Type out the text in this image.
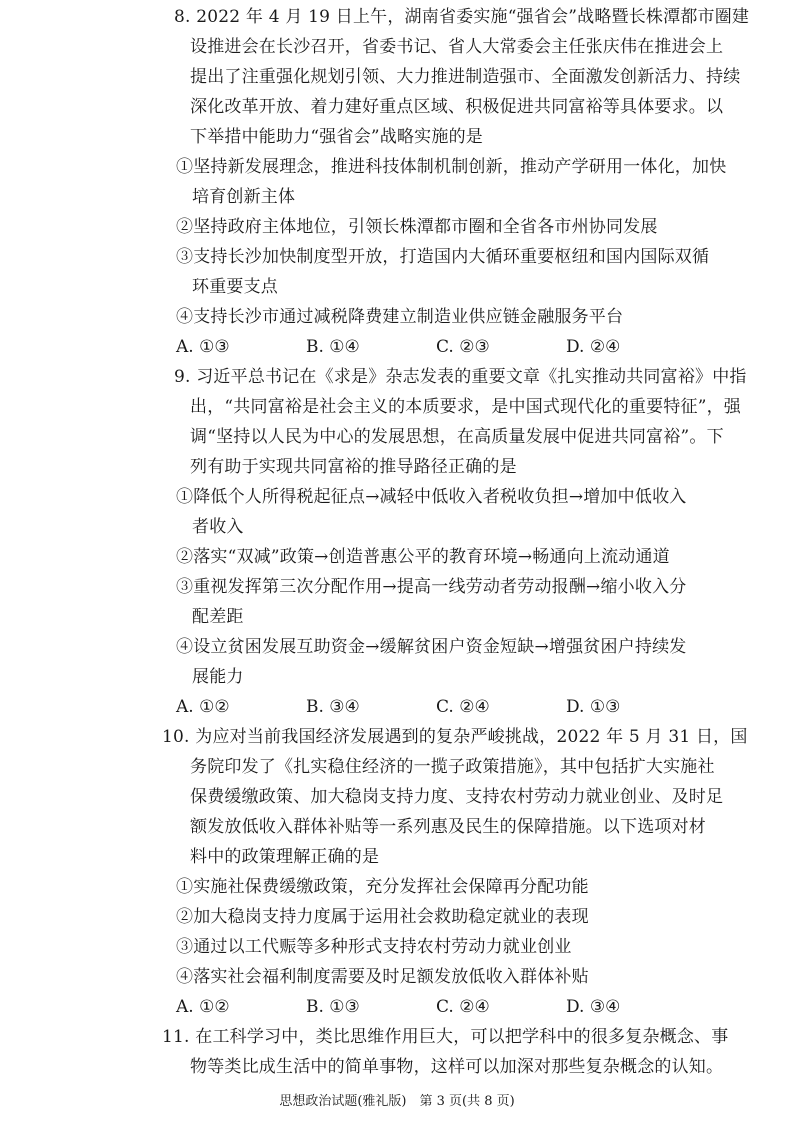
8. 2022 年 4 月 19 日上午，湖南省委实施“强省会”战略暨长株潭都市圈建
设推进会在长沙召开，省委书记、省人大常委会主任张庆伟在推进会上
提出了注重强化规划引领、大力推进制造强市、全面激发创新活力、持续
深化改革开放、着力建好重点区域、积极促进共同富裕等具体要求。以
下举措中能助力“强省会”战略实施的是
①坚持新发展理念，推进科技体制机制创新，推动产学研用一体化，加快
培育创新主体
②坚持政府主体地位，引领长株潭都市圈和全省各市州协同发展
③支持长沙加快制度型开放，打造国内大循环重要枢纽和国内国际双循
环重要支点
④支持长沙市通过减税降费建立制造业供应链金融服务平台
A. ①③	B. ①④	C. ②③	D. ②④
9. 习近平总书记在《求是》杂志发表的重要文章《扎实推动共同富裕》中指
出，“共同富裕是社会主义的本质要求，是中国式现代化的重要特征”，强
调“坚持以人民为中心的发展思想，在高质量发展中促进共同富裕”。下
列有助于实现共同富裕的推导路径正确的是
①降低个人所得税起征点→减轻中低收入者税收负担→增加中低收入
者收入
②落实“双减”政策→创造普惠公平的教育环境→畅通向上流动通道
③重视发挥第三次分配作用→提高一线劳动者劳动报酬→缩小收入分
配差距
④设立贫困发展互助资金→缓解贫困户资金短缺→增强贫困户持续发
展能力
A. ①②	B. ③④	C. ②④	D. ①③
10. 为应对当前我国经济发展遇到的复杂严峻挑战，2022 年 5 月 31 日，国
务院印发了《扎实稳住经济的一揽子政策措施》，其中包括扩大实施社
保费缓缴政策、加大稳岗支持力度、支持农村劳动力就业创业、及时足
额发放低收入群体补贴等一系列惠及民生的保障措施。以下选项对材
料中的政策理解正确的是
①实施社保费缓缴政策，充分发挥社会保障再分配功能
②加大稳岗支持力度属于运用社会救助稳定就业的表现
③通过以工代赈等多种形式支持农村劳动力就业创业
④落实社会福利制度需要及时足额发放低收入群体补贴
A. ①②	B. ①③	C. ②④	D. ③④
11. 在工科学习中，类比思维作用巨大，可以把学科中的很多复杂概念、事
物等类比成生活中的简单事物，这样可以加深对那些复杂概念的认知。
思想政治试题(雅礼版)　第 3 页(共 8 页)
